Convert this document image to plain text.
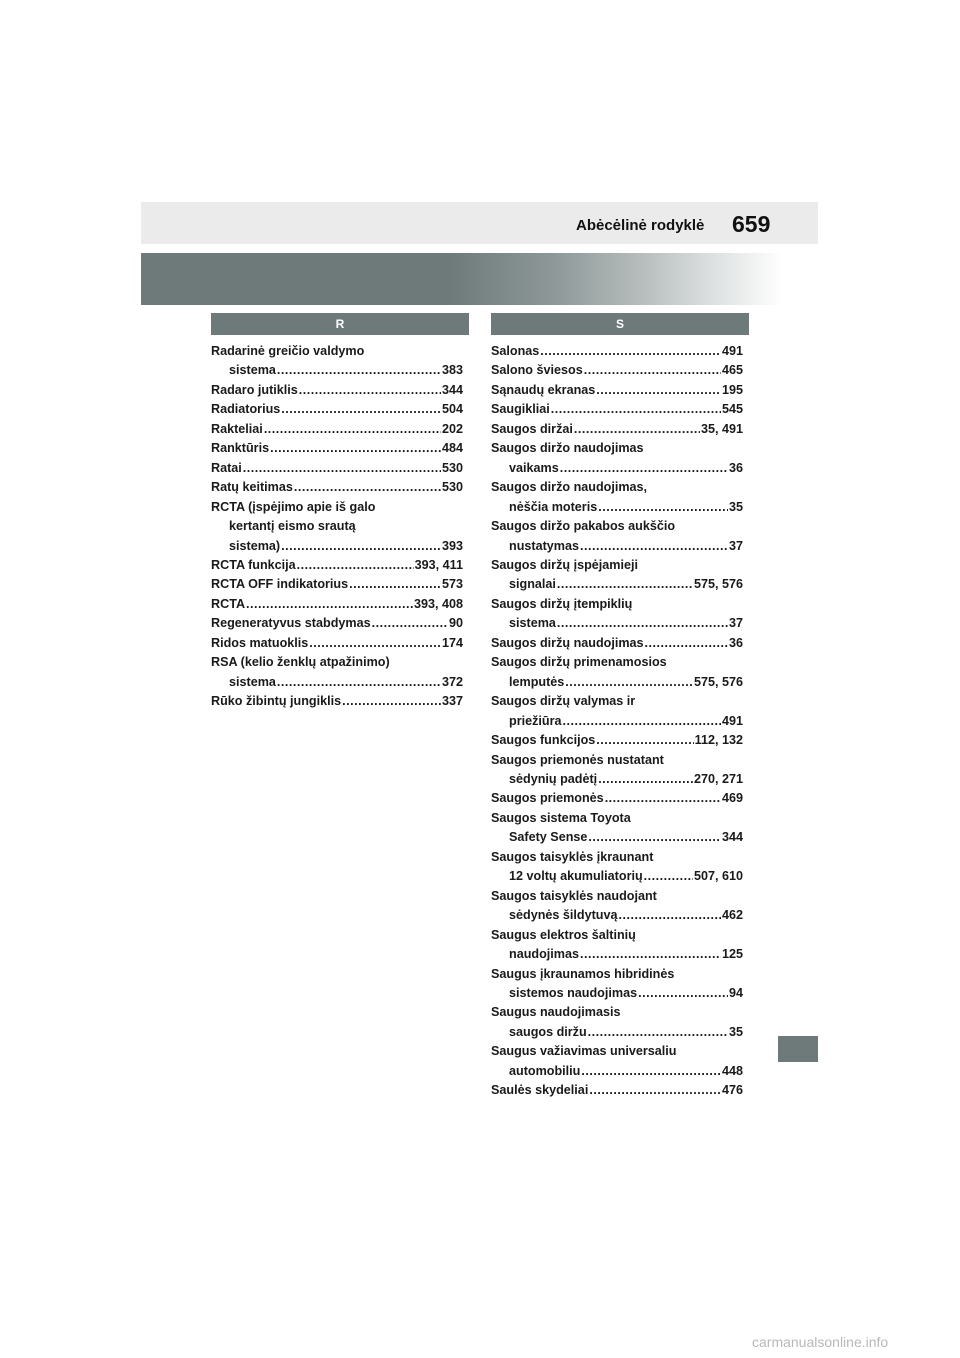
Abėcėlinė rodyklė 659
R	S
Radarinė greičio valdymo
sistema .....	383
Radaro jutiklis .....	344
Radiatorius .....	504
Rakteliai .....	202
Ranktūris .....	484
Ratai .....	530
Ratų keitimas .....	530
RCTA (įspėjimo apie iš galo
kertantį eismo srautą
sistema) .....	393
RCTA funkcija .....	393, 411
RCTA OFF indikatorius .....	573
RCTA .....	393, 408
Regeneratyvus stabdymas .....	90
Ridos matuoklis .....	174
RSA (kelio ženklų atpažinimo)
sistema .....	372
Rūko žibintų jungiklis .....	337
Salonas .....	491
Salono šviesos .....	465
Sąnaudų ekranas .....	195
Saugikliai .....	545
Saugos diržai .....	35, 491
Saugos diržo naudojimas
vaikams .....	36
Saugos diržo naudojimas,
nėščia moteris .....	35
Saugos diržo pakabos aukščio
nustatymas .....	37
Saugos diržų įspėjamieji
signalai .....	575, 576
Saugos diržų įtempiklių
sistema .....	37
Saugos diržų naudojimas .....	36
Saugos diržų primenamosios
lemputės .....	575, 576
Saugos diržų valymas ir
priežiūra .....	491
Saugos funkcijos .....	112, 132
Saugos priemonės nustatant
sėdynių padėtį .....	270, 271
Saugos priemonės .....	469
Saugos sistema Toyota
Safety Sense .....	344
Saugos taisyklės įkraunant
12 voltų akumuliatorių .....	507, 610
Saugos taisyklės naudojant
sėdynės šildytuvą .....	462
Saugus elektros šaltinių
naudojimas .....	125
Saugus įkraunamos hibridinės
sistemos naudojimas .....	94
Saugus naudojimasis
saugos diržu .....	35
Saugus važiavimas universaliu
automobiliu .....	448
Saulės skydeliai .....	476
carmanualsonline.info
